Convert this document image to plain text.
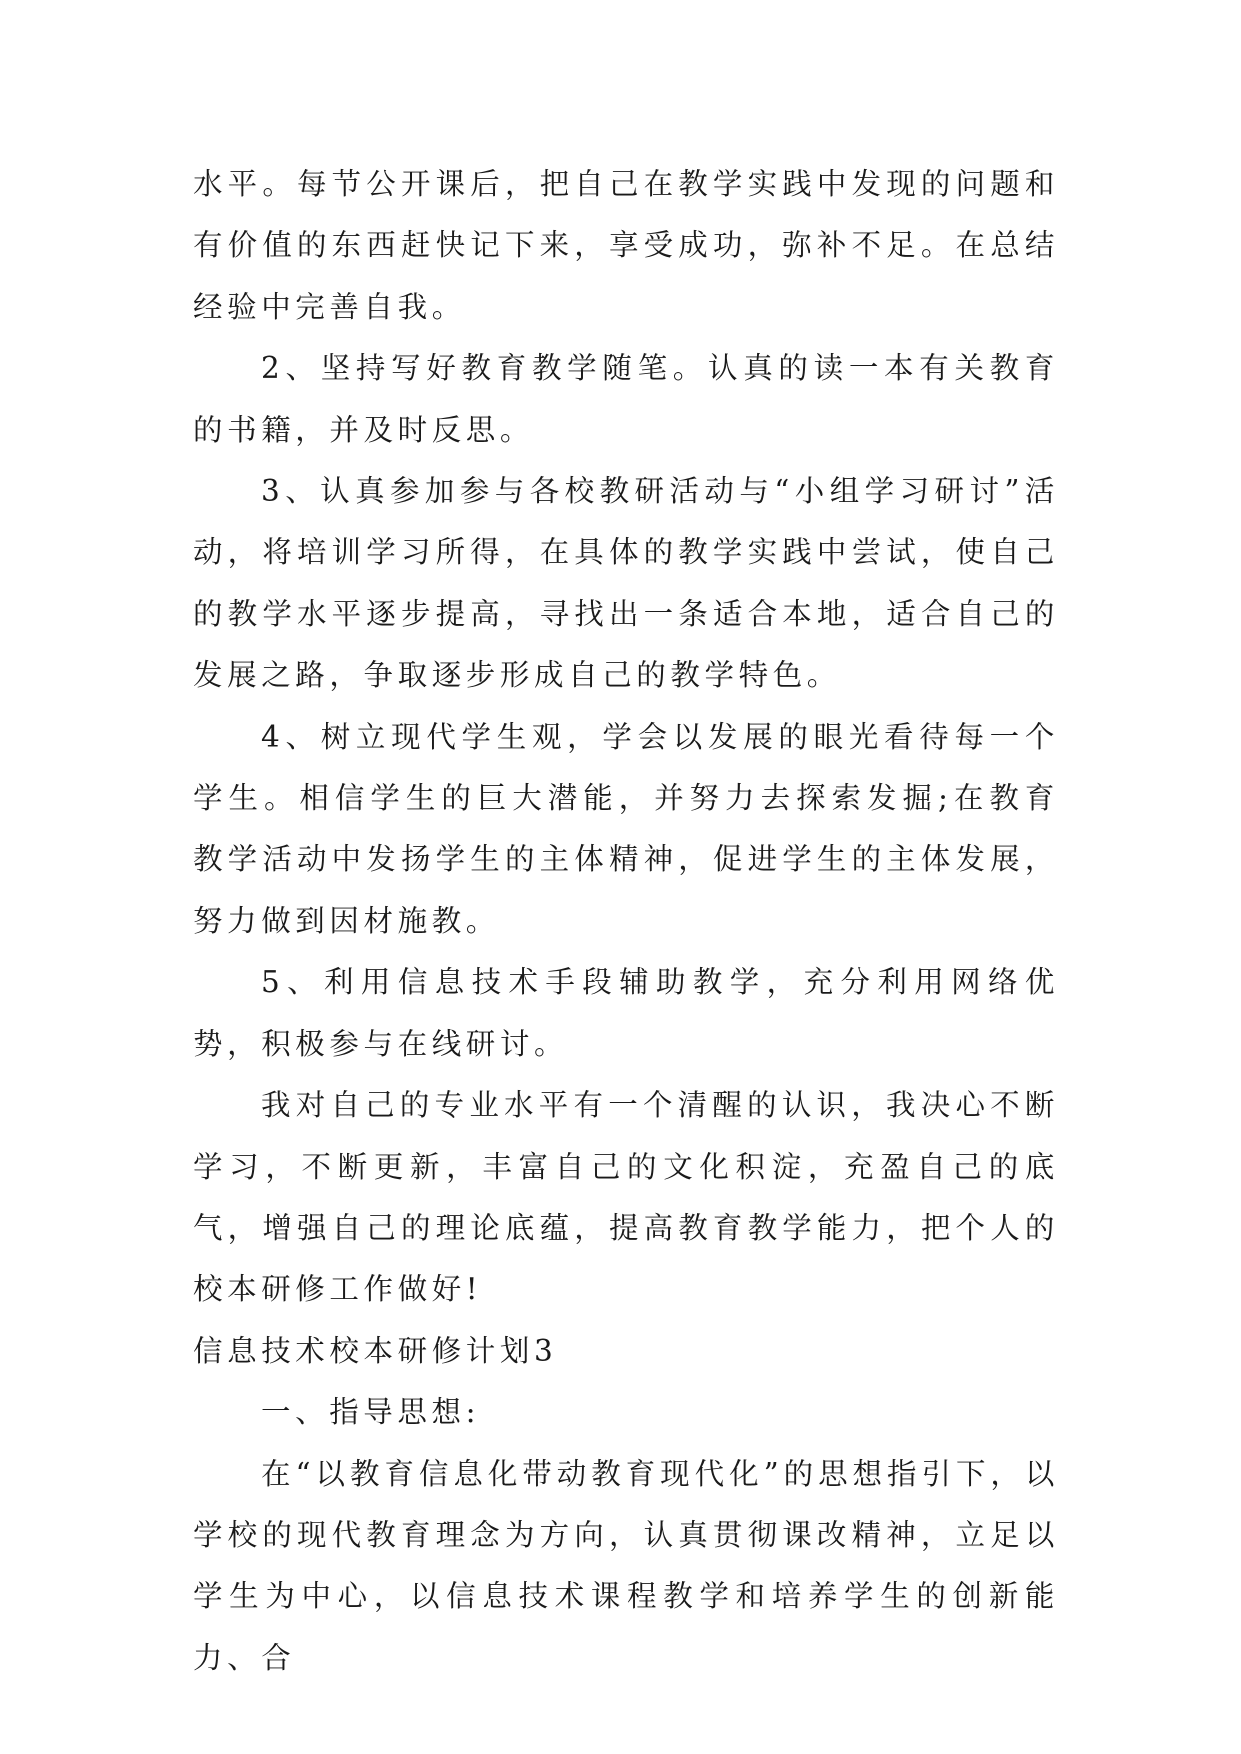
水平。每节公开课后，把自己在教学实践中发现的问题和有价值的东西赶快记下来，享受成功，弥补不足。在总结经验中完善自我。

2、坚持写好教育教学随笔。认真的读一本有关教育的书籍，并及时反思。

3、认真参加参与各校教研活动与“小组学习研讨”活动，将培训学习所得，在具体的教学实践中尝试，使自己的教学水平逐步提高，寻找出一条适合本地，适合自己的发展之路，争取逐步形成自己的教学特色。

4、树立现代学生观，学会以发展的眼光看待每一个学生。相信学生的巨大潜能，并努力去探索发掘;在教育教学活动中发扬学生的主体精神，促进学生的主体发展，努力做到因材施教。

5、利用信息技术手段辅助教学，充分利用网络优势，积极参与在线研讨。

我对自己的专业水平有一个清醒的认识，我决心不断学习，不断更新，丰富自己的文化积淀，充盈自己的底气，增强自己的理论底蕴，提高教育教学能力，把个人的校本研修工作做好!

信息技术校本研修计划3

一、指导思想:

在“以教育信息化带动教育现代化”的思想指引下，以学校的现代教育理念为方向，认真贯彻课改精神，立足以学生为中心，以信息技术课程教学和培养学生的创新能力、合
